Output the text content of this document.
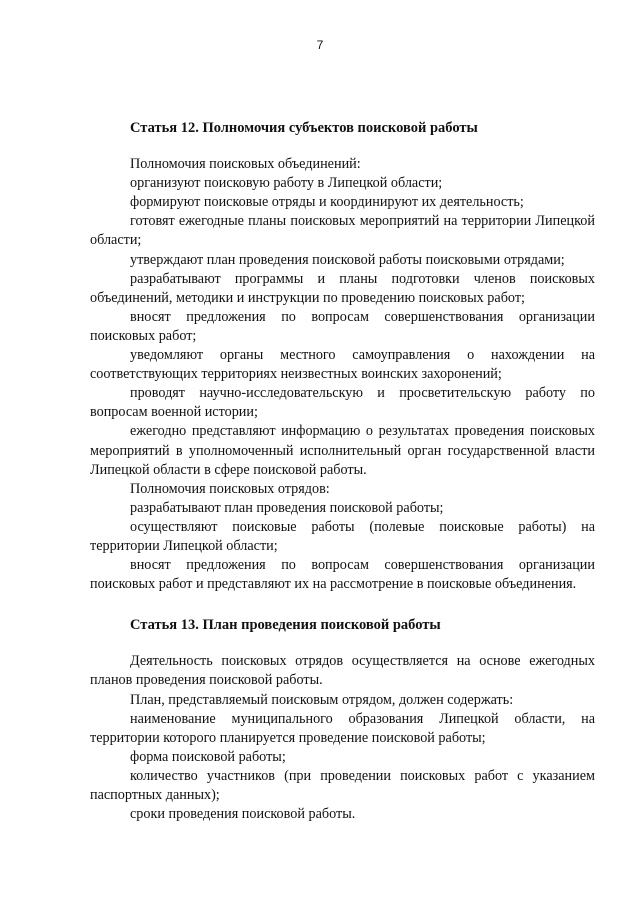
7

Статья 12. Полномочия субъектов поисковой работы

Полномочия поисковых объединений:

организуют поисковую работу в Липецкой области;

формируют поисковые отряды и координируют их деятельность;

готовят ежегодные планы поисковых мероприятий на территории Липецкой области;

утверждают план проведения поисковой работы поисковыми отрядами;

разрабатывают программы и планы подготовки членов поисковых объединений, методики и инструкции по проведению поисковых работ;

вносят предложения по вопросам совершенствования организации поисковых работ;

уведомляют органы местного самоуправления о нахождении на соответствующих территориях неизвестных воинских захоронений;

проводят научно-исследовательскую и просветительскую работу по вопросам военной истории;

ежегодно представляют информацию о результатах проведения поисковых мероприятий в уполномоченный исполнительный орган государственной власти Липецкой области в сфере поисковой работы.

Полномочия поисковых отрядов:

разрабатывают план проведения поисковой работы;

осуществляют поисковые работы (полевые поисковые работы) на территории Липецкой области;

вносят предложения по вопросам совершенствования организации поисковых работ и представляют их на рассмотрение в поисковые объединения.

Статья 13. План проведения поисковой работы

Деятельность поисковых отрядов осуществляется на основе ежегодных планов проведения поисковой работы.

План, представляемый поисковым отрядом, должен содержать:

наименование муниципального образования Липецкой области, на территории которого планируется проведение поисковой работы;

форма поисковой работы;

количество участников (при проведении поисковых работ с указанием паспортных данных);

сроки проведения поисковой работы.
